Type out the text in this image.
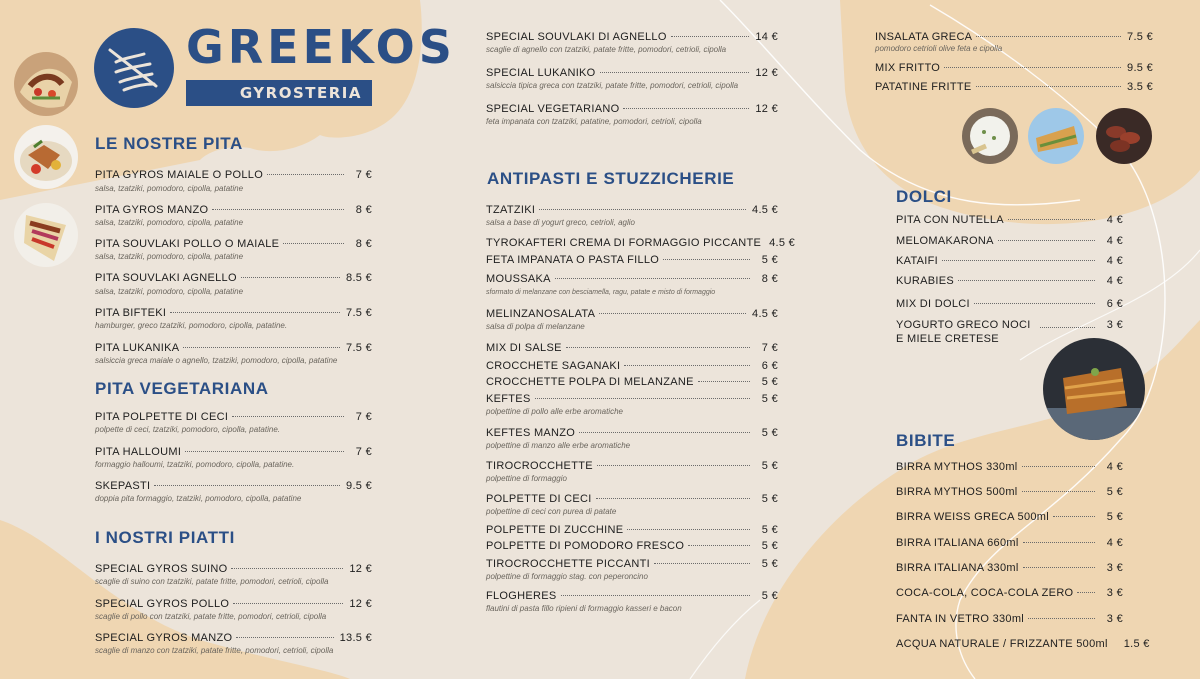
GREEKOS
GYROSTERIA
LE NOSTRE PITA
PITA GYROS MAIALE O POLLO	7 €
salsa, tzatziki, pomodoro, cipolla, patatine
PITA GYROS MANZO	8 €
salsa, tzatziki, pomodoro, cipolla, patatine
PITA SOUVLAKI POLLO O MAIALE	8 €
salsa, tzatziki, pomodoro, cipolla, patatine
PITA SOUVLAKI AGNELLO	8.5 €
salsa, tzatziki, pomodoro, cipolla, patatine
PITA BIFTEKI	7.5 €
hamburger, greco tzatziki, pomodoro, cipolla, patatine.
PITA LUKANIKA	7.5 €
salsiccia greca maiale o agnello, tzatziki, pomodoro, cipolla, patatine
PITA VEGETARIANA
PITA POLPETTE DI CECI	7 €
polpette di ceci, tzatziki, pomodoro, cipolla, patatine.
PITA HALLOUMI	7 €
formaggio halloumi, tzatziki, pomodoro, cipolla, patatine.
SKEPASTI	9.5 €
doppia pita formaggio, tzatziki, pomodoro, cipolla, patatine
I NOSTRI PIATTI
SPECIAL GYROS SUINO	12 €
scaglie di suino con tzatziki, patate fritte, pomodori, cetrioli, cipolla
SPECIAL GYROS POLLO	12 €
scaglie di pollo con tzatziki, patate fritte, pomodori, cetrioli, cipolla
SPECIAL GYROS MANZO	13.5 €
scaglie di manzo con tzatziki, patate fritte, pomodori, cetrioli, cipolla
SPECIAL SOUVLAKI DI AGNELLO	14 €
scaglie di agnello con tzatziki, patate fritte, pomodori, cetrioli, cipolla
SPECIAL LUKANIKO	12 €
salsiccia tipica greca con tzatziki, patate fritte, pomodori, cetrioli, cipolla
SPECIAL VEGETARIANO	12 €
feta impanata con tzatziki, patatine, pomodori, cetrioli, cipolla
ANTIPASTI E STUZZICHERIE
TZATZIKI	4.5 €
salsa a base di yogurt greco, cetrioli, aglio
TYROKAFTERI CREMA DI FORMAGGIO PICCANTE 4.5 €
FETA IMPANATA O PASTA FILLO	5 €
MOUSSAKA	8 €
sformato di melanzane con besciamella, ragu, patate e misto di formaggio
MELINZANOSALATA	4.5 €
salsa di polpa di melanzane
MIX DI SALSE	7 €
CROCCHETE SAGANAKI	6 €
CROCCHETTE POLPA DI MELANZANE	5 €
KEFTES	5 €
polpettine di pollo alle erbe aromatiche
KEFTES MANZO	5 €
polpettine di manzo alle erbe aromatiche
TIROCROCCHETTE	5 €
polpettine di formaggio
POLPETTE DI CECI	5 €
polpettine di ceci con purea di patate
POLPETTE DI ZUCCHINE	5 €
POLPETTE DI POMODORO FRESCO	5 €
TIROCROCCHETTE PICCANTI	5 €
polpettine di formaggio stag. con peperoncino
FLOGHERES	5 €
flautini di pasta fillo ripieni di formaggio kasseri e bacon
INSALATA GRECA	7.5 €
pomodoro cetrioli olive feta e cipolla
MIX FRITTO	9.5 €
PATATINE FRITTE	3.5 €
DOLCI
PITA CON NUTELLA	4 €
MELOMAKARONA	4 €
KATAIFI	4 €
KURABIES	4 €
MIX DI DOLCI	6 €
YOGURTO GRECO NOCI E MIELE CRETESE
3 €
BIBITE
BIRRA MYTHOS 330ml	4 €
BIRRA MYTHOS 500ml	5 €
BIRRA WEISS GRECA 500ml	5 €
BIRRA ITALIANA 660ml	4 €
BIRRA ITALIANA 330ml	3 €
COCA-COLA, COCA-COLA ZERO	3 €
FANTA IN VETRO 330ml	3 €
ACQUA NATURALE / FRIZZANTE 500ml 1.5 €
